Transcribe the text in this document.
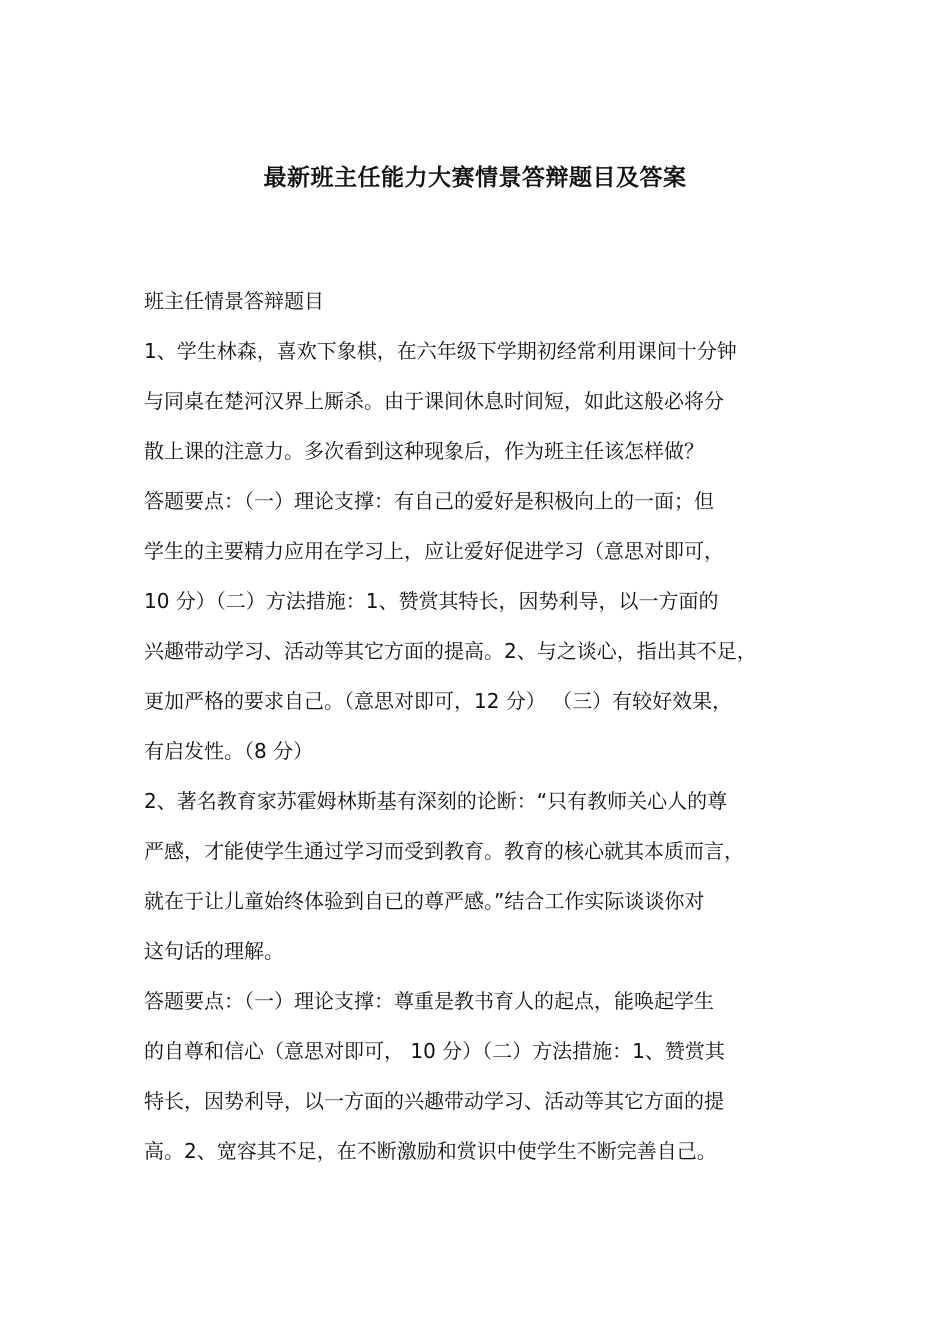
最新班主任能力大赛情景答辩题目及答案
班主任情景答辩题目
1、学生林森，喜欢下象棋，在六年级下学期初经常利用课间十分钟
与同桌在楚河汉界上厮杀。由于课间休息时间短，如此这般必将分
散上课的注意力。多次看到这种现象后，作为班主任该怎样做？
答题要点：（一）理论支撑：有自己的爱好是积极向上的一面；但
学生的主要精力应用在学习上，应让爱好促进学习（意思对即可，
10 分）（二）方法措施：1、赞赏其特长，因势利导，以一方面的
兴趣带动学习、活动等其它方面的提高。2、与之谈心，指出其不足，
更加严格的要求自己。（意思对即可，12 分） （三）有较好效果，
有启发性。（8 分）
2、著名教育家苏霍姆林斯基有深刻的论断：“只有教师关心人的尊
严感，才能使学生通过学习而受到教育。教育的核心就其本质而言，
就在于让儿童始终体验到自已的尊严感。”结合工作实际谈谈你对
这句话的理解。
答题要点：（一）理论支撑：尊重是教书育人的起点，能唤起学生
的自尊和信心（意思对即可， 10 分）（二）方法措施：1、赞赏其
特长，因势利导，以一方面的兴趣带动学习、活动等其它方面的提
高。2、宽容其不足，在不断激励和赏识中使学生不断完善自己。
